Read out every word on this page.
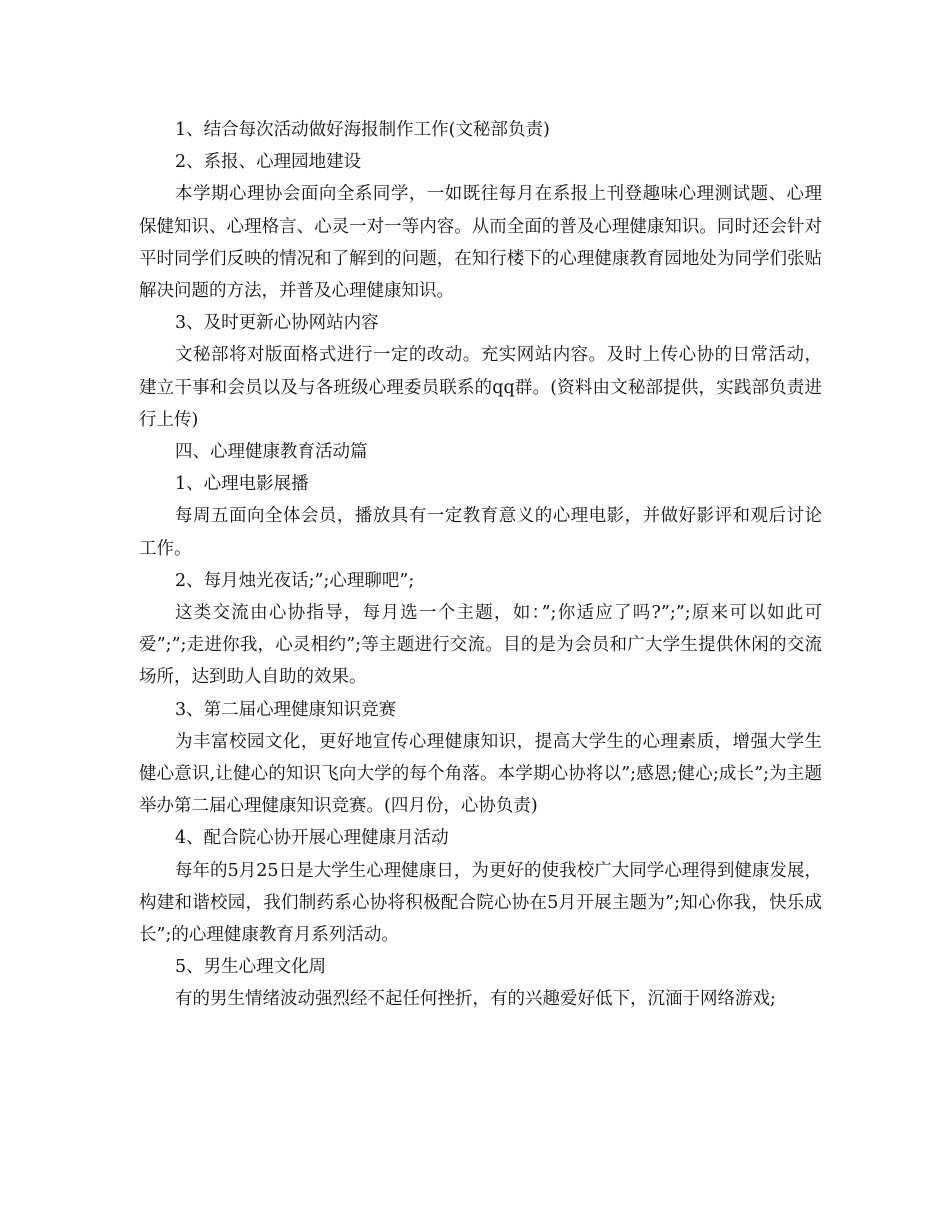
1、结合每次活动做好海报制作工作(文秘部负责)

2、系报、心理园地建设

本学期心理协会面向全系同学，一如既往每月在系报上刊登趣味心理测试题、心理保健知识、心理格言、心灵一对一等内容。从而全面的普及心理健康知识。同时还会针对平时同学们反映的情况和了解到的问题，在知行楼下的心理健康教育园地处为同学们张贴解决问题的方法，并普及心理健康知识。

3、及时更新心协网站内容

文秘部将对版面格式进行一定的改动。充实网站内容。及时上传心协的日常活动，建立干事和会员以及与各班级心理委员联系的qq群。(资料由文秘部提供，实践部负责进行上传)

四、心理健康教育活动篇

1、心理电影展播

每周五面向全体会员，播放具有一定教育意义的心理电影，并做好影评和观后讨论工作。

2、每月烛光夜话;”;心理聊吧”;

这类交流由心协指导，每月选一个主题，如：”;你适应了吗?”;”;原来可以如此可爱”;”;走进你我，心灵相约”;等主题进行交流。目的是为会员和广大学生提供休闲的交流场所，达到助人自助的效果。

3、第二届心理健康知识竞赛

为丰富校园文化，更好地宣传心理健康知识，提高大学生的心理素质，增强大学生健心意识,让健心的知识飞向大学的每个角落。本学期心协将以”;感恩;健心;成长”;为主题举办第二届心理健康知识竞赛。(四月份，心协负责)

4、配合院心协开展心理健康月活动

每年的5月25日是大学生心理健康日，为更好的使我校广大同学心理得到健康发展，构建和谐校园，我们制药系心协将积极配合院心协在5月开展主题为”;知心你我，快乐成长”;的心理健康教育月系列活动。

5、男生心理文化周

有的男生情绪波动强烈经不起任何挫折，有的兴趣爱好低下，沉湎于网络游戏;
